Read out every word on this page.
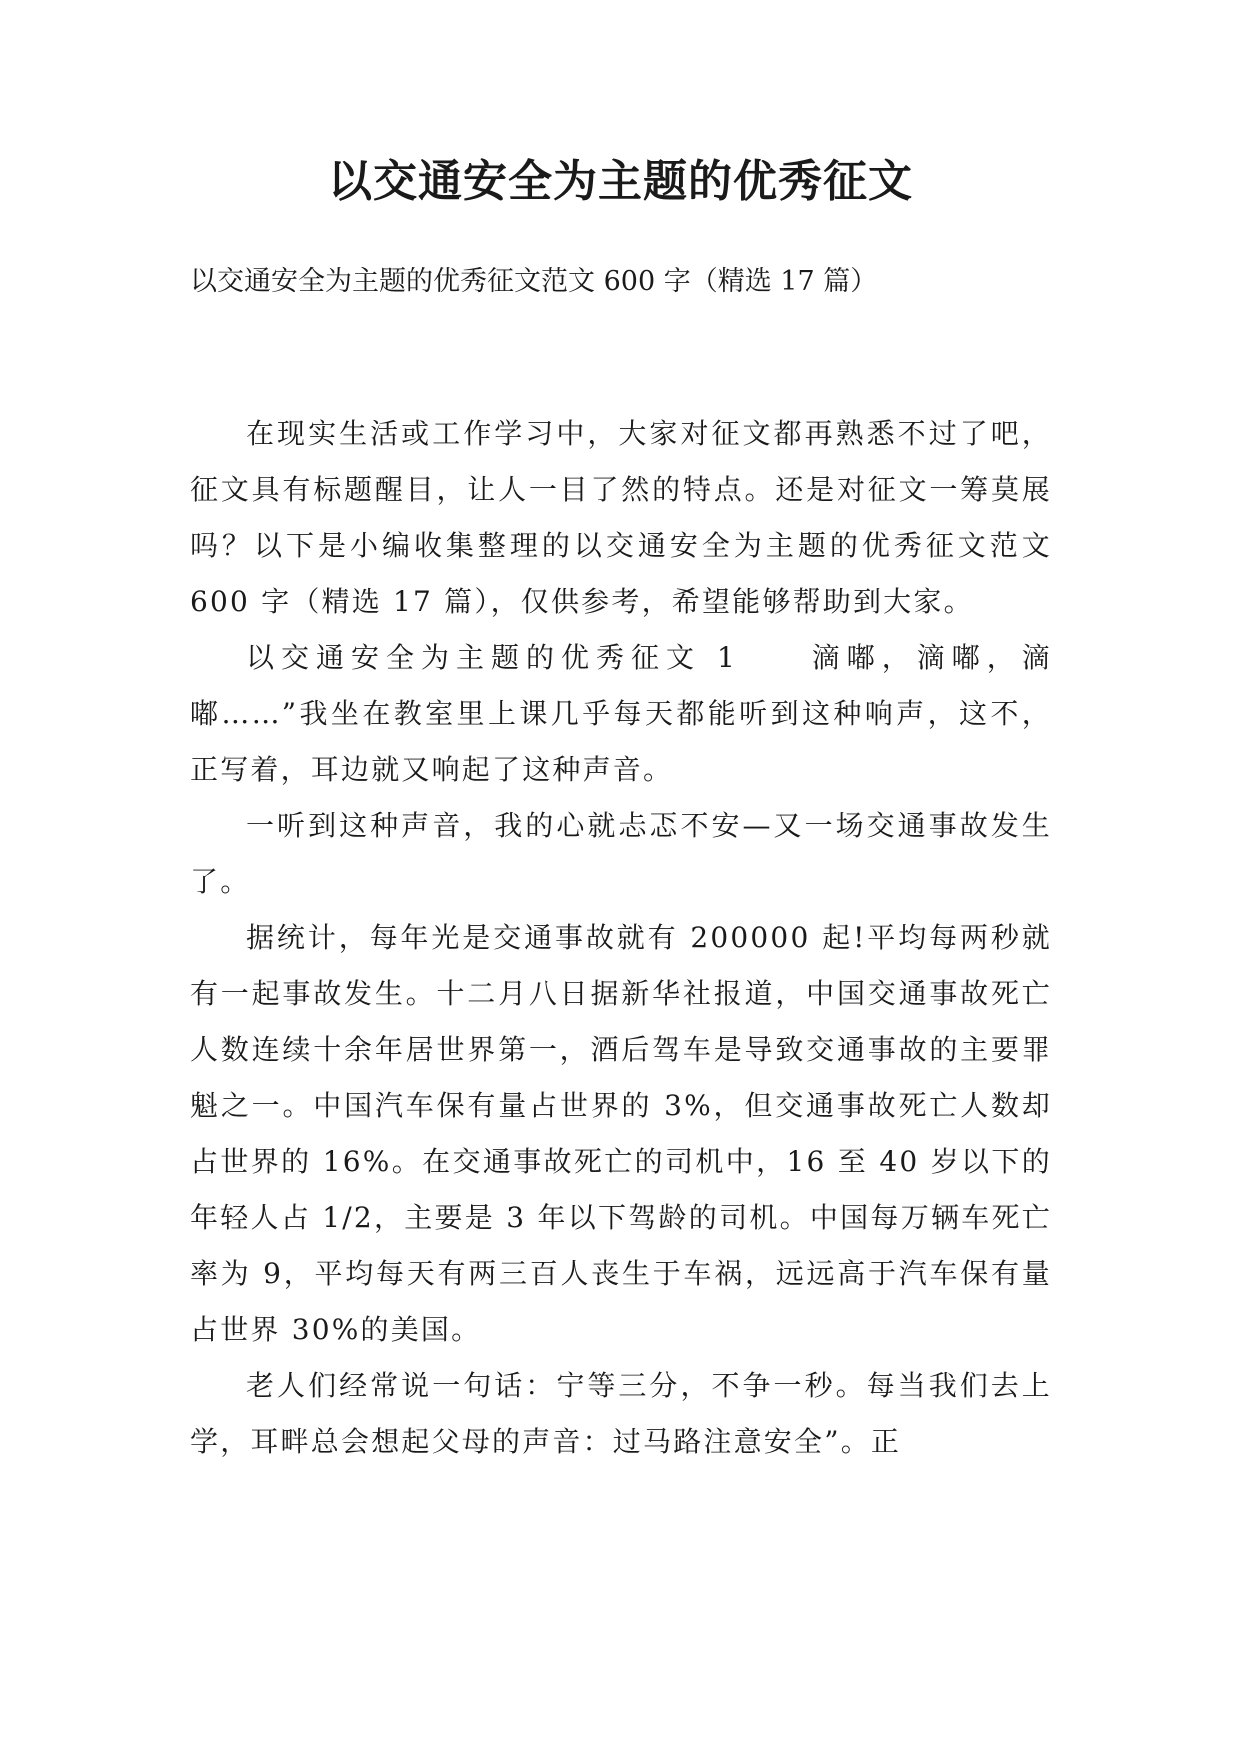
以交通安全为主题的优秀征文

以交通安全为主题的优秀征文范文 600 字（精选 17 篇）

在现实生活或工作学习中，大家对征文都再熟悉不过了吧，征文具有标题醒目，让人一目了然的特点。还是对征文一筹莫展吗？以下是小编收集整理的以交通安全为主题的优秀征文范文 600 字（精选 17 篇），仅供参考，希望能够帮助到大家。

以交通安全为主题的优秀征文 1　　滴嘟，滴嘟，滴嘟……”我坐在教室里上课几乎每天都能听到这种响声，这不，正写着，耳边就又响起了这种声音。

一听到这种声音，我的心就忐忑不安—又一场交通事故发生了。

据统计，每年光是交通事故就有 200000 起!平均每两秒就有一起事故发生。十二月八日据新华社报道，中国交通事故死亡人数连续十余年居世界第一，酒后驾车是导致交通事故的主要罪魁之一。中国汽车保有量占世界的 3%，但交通事故死亡人数却占世界的 16%。在交通事故死亡的司机中，16 至 40 岁以下的年轻人占 1/2，主要是 3 年以下驾龄的司机。中国每万辆车死亡率为 9，平均每天有两三百人丧生于车祸，远远高于汽车保有量占世界 30%的美国。

老人们经常说一句话：宁等三分，不争一秒。每当我们去上学，耳畔总会想起父母的声音：过马路注意安全”。正
